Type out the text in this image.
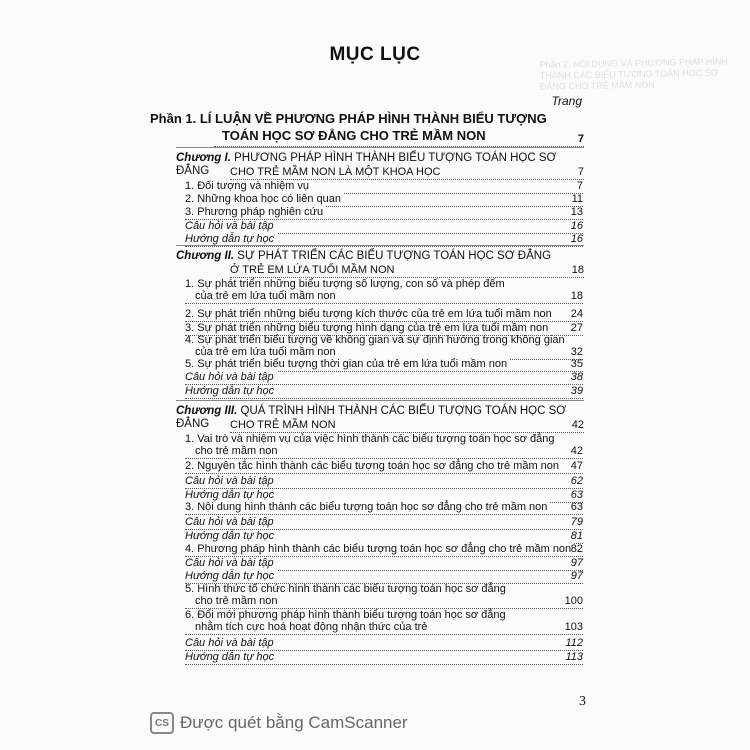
Phần 2. NỘI DUNG VÀ PHƯƠNG PHÁP HÌNH THÀNH CÁC BIỂU TƯỢNG TOÁN HỌC SƠ ĐẲNG CHO TRẺ MẦM NON
MỤC LỤC
Trang
Phần 1. LÍ LUẬN VỀ PHƯƠNG PHÁP HÌNH THÀNH BIỂU TƯỢNG
TOÁN HỌC SƠ ĐẲNG CHO TRẺ MẦM NON	7
Chương I. PHƯƠNG PHÁP HÌNH THÀNH BIỂU TƯỢNG TOÁN HỌC SƠ ĐẲNG	CHO TRẺ MẦM NON LÀ MỘT KHOA HỌC	7
1. Đối tượng và nhiệm vụ	7
2. Những khoa học có liên quan	11
3. Phương pháp nghiên cứu	13
Câu hỏi và bài tập	16
Hướng dẫn tự học	16
Chương II. SỰ PHÁT TRIỂN CÁC BIỂU TƯỢNG TOÁN HỌC SƠ ĐẲNG
Ở TRẺ EM LỨA TUỔI MẦM NON	18
1. Sự phát triển những biểu tượng số lượng, con số và phép đếm
của trẻ em lứa tuổi mầm non	18
2. Sự phát triển những biểu tượng kích thước của trẻ em lứa tuổi mầm non 24
3. Sự phát triển những biểu tượng hình dạng của trẻ em lứa tuổi mầm non 27
4. Sự phát triển biểu tượng về không gian và sự định hướng trong không gian
của trẻ em lứa tuổi mầm non	32
5. Sự phát triển biểu tượng thời gian của trẻ em lứa tuổi mầm non	35
Câu hỏi và bài tập	38
Hướng dẫn tự học	39
Chương III. QUÁ TRÌNH HÌNH THÀNH CÁC BIỂU TƯỢNG TOÁN HỌC SƠ ĐẲNG	CHO TRẺ MẦM NON	42
1. Vai trò và nhiệm vụ của việc hình thành các biểu tượng toán học sơ đẳng
cho trẻ mầm non	42
2. Nguyên tắc hình thành các biểu tượng toán học sơ đẳng cho trẻ mầm non 47
Câu hỏi và bài tập	62
Hướng dẫn tự học	63
3. Nội dung hình thành các biểu tượng toán học sơ đẳng cho trẻ mầm non 63
Câu hỏi và bài tập	79
Hướng dẫn tự học	81
4. Phương pháp hình thành các biểu tượng toán học sơ đẳng cho trẻ mầm non 82
Câu hỏi và bài tập	97
Hướng dẫn tự học	97
5. Hình thức tổ chức hình thành các biểu tượng toán học sơ đẳng
cho trẻ mầm non	100
6. Đổi mới phương pháp hình thành biểu tượng toán học sơ đẳng
nhằm tích cực hoá hoạt động nhận thức của trẻ	103
Câu hỏi và bài tập	112
Hướng dẫn tự học	113
3
CS Được quét bằng CamScanner
